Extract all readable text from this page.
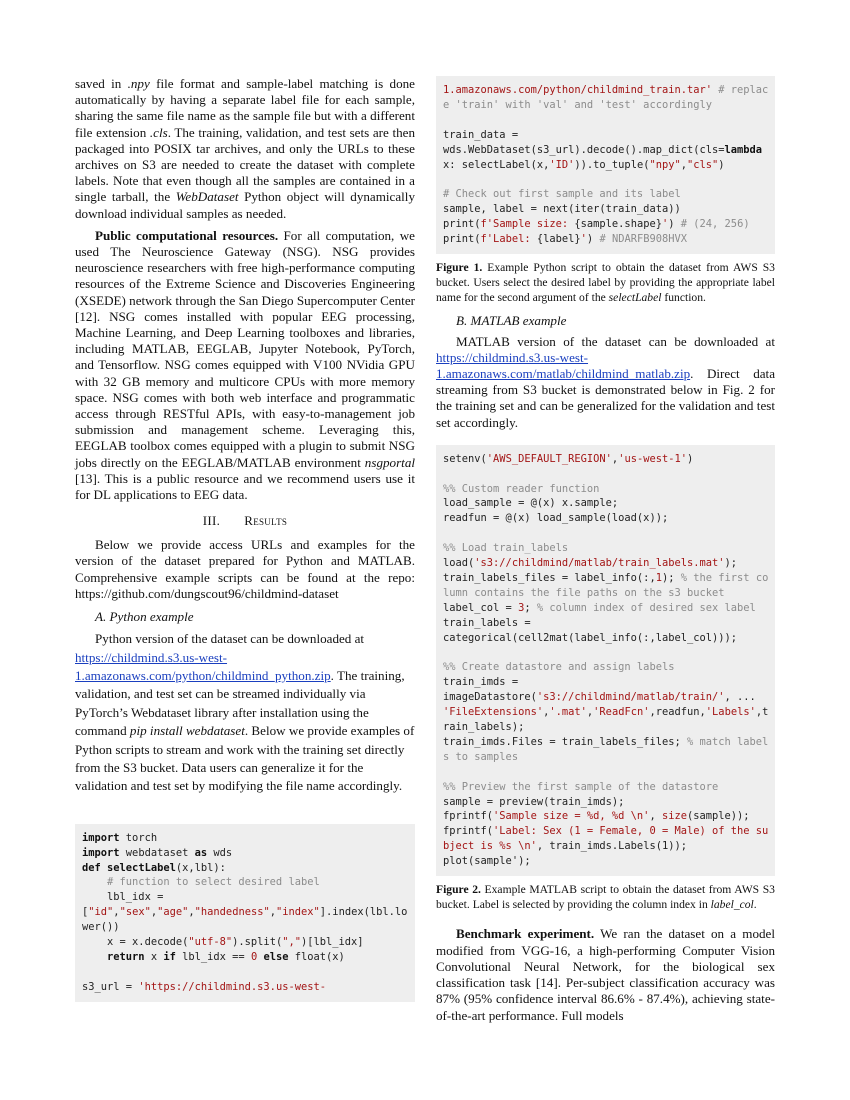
saved in .npy file format and sample-label matching is done automatically by having a separate label file for each sample, sharing the same file name as the sample file but with a different file extension .cls. The training, validation, and test sets are then packaged into POSIX tar archives, and only the URLs to these archives on S3 are needed to create the dataset with complete labels. Note that even though all the samples are contained in a single tarball, the WebDataset Python object will dynamically download individual samples as needed.

Public computational resources. For all computation, we used The Neuroscience Gateway (NSG). NSG provides neuroscience researchers with free high-performance computing resources of the Extreme Science and Discoveries Engineering (XSEDE) network through the San Diego Supercomputer Center [12]. NSG comes installed with popular EEG processing, Machine Learning, and Deep Learning toolboxes and libraries, including MATLAB, EEGLAB, Jupyter Notebook, PyTorch, and Tensorflow. NSG comes equipped with V100 NVidia GPU with 32 GB memory and multicore CPUs with more memory space. NSG comes with both web interface and programmatic access through RESTful APIs, with easy-to-management job submission and management scheme. Leveraging this, EEGLAB toolbox comes equipped with a plugin to submit NSG jobs directly on the EEGLAB/MATLAB environment nsgportal [13]. This is a public resource and we recommend users use it for DL applications to EEG data.

III. Results

Below we provide access URLs and examples for the version of the dataset prepared for Python and MATLAB. Comprehensive example scripts can be found at the repo: https://github.com/dungscout96/childmind-dataset

A. Python example

Python version of the dataset can be downloaded at https://childmind.s3.us-west-1.amazonaws.com/python/childmind_python.zip. The training, validation, and test set can be streamed individually via PyTorch’s Webdataset library after installation using the command pip install webdataset. Below we provide examples of Python scripts to stream and work with the training set directly from the S3 bucket. Data users can generalize it for the validation and test set by modifying the file name accordingly.

import torch
import webdataset as wds
def selectLabel(x,lbl):
# function to select desired label
lbl_idx =
["id","sex","age","handedness","index"].index(lbl.lower())
x = x.decode("utf-8").split(",")[lbl_idx]
return x if lbl_idx == 0 else float(x)
s3_url = 'https://childmind.s3.us-west-
1.amazonaws.com/python/childmind_train.tar' # replace 'train' with 'val' and 'test' accordingly
train_data =
wds.WebDataset(s3_url).decode().map_dict(cls=lambda
x: selectLabel(x,'ID')).to_tuple("npy","cls")
# Check out first sample and its label
sample, label = next(iter(train_data))
print(f'Sample size: {sample.shape}') # (24, 256)
print(f'Label: {label}') # NDARFB908HVX

Figure 1. Example Python script to obtain the dataset from AWS S3 bucket. Users select the desired label by providing the appropriate label name for the second argument of the selectLabel function.

B. MATLAB example

MATLAB version of the dataset can be downloaded at https://childmind.s3.us-west-1.amazonaws.com/matlab/childmind_matlab.zip. Direct data streaming from S3 bucket is demonstrated below in Fig. 2 for the training set and can be generalized for the validation and test set accordingly.

setenv('AWS_DEFAULT_REGION','us-west-1')
%% Custom reader function
load_sample = @(x) x.sample;
readfun = @(x) load_sample(load(x));
%% Load train_labels
load('s3://childmind/matlab/train_labels.mat');
train_labels_files = label_info(:,1); % the first column contains the file paths on the s3 bucket
label_col = 3; % column index of desired sex label
train_labels =
categorical(cell2mat(label_info(:,label_col)));
%% Create datastore and assign labels
train_imds =
imageDatastore('s3://childmind/matlab/train/', ...
'FileExtensions','.mat','ReadFcn',readfun,'Labels',train_labels);
train_imds.Files = train_labels_files; % match labels to samples
%% Preview the first sample of the datastore
sample = preview(train_imds);
fprintf('Sample size = %d, %d \n', size(sample));
fprintf('Label: Sex (1 = Female, 0 = Male) of the subject is %s \n', train_imds.Labels(1));
plot(sample');

Figure 2. Example MATLAB script to obtain the dataset from AWS S3 bucket. Label is selected by providing the column index in label_col.

Benchmark experiment. We ran the dataset on a model modified from VGG-16, a high-performing Computer Vision Convolutional Neural Network, for the biological sex classification task [14]. Per-subject classification accuracy was 87% (95% confidence interval 86.6% - 87.4%), achieving state-of-the-art performance. Full models
